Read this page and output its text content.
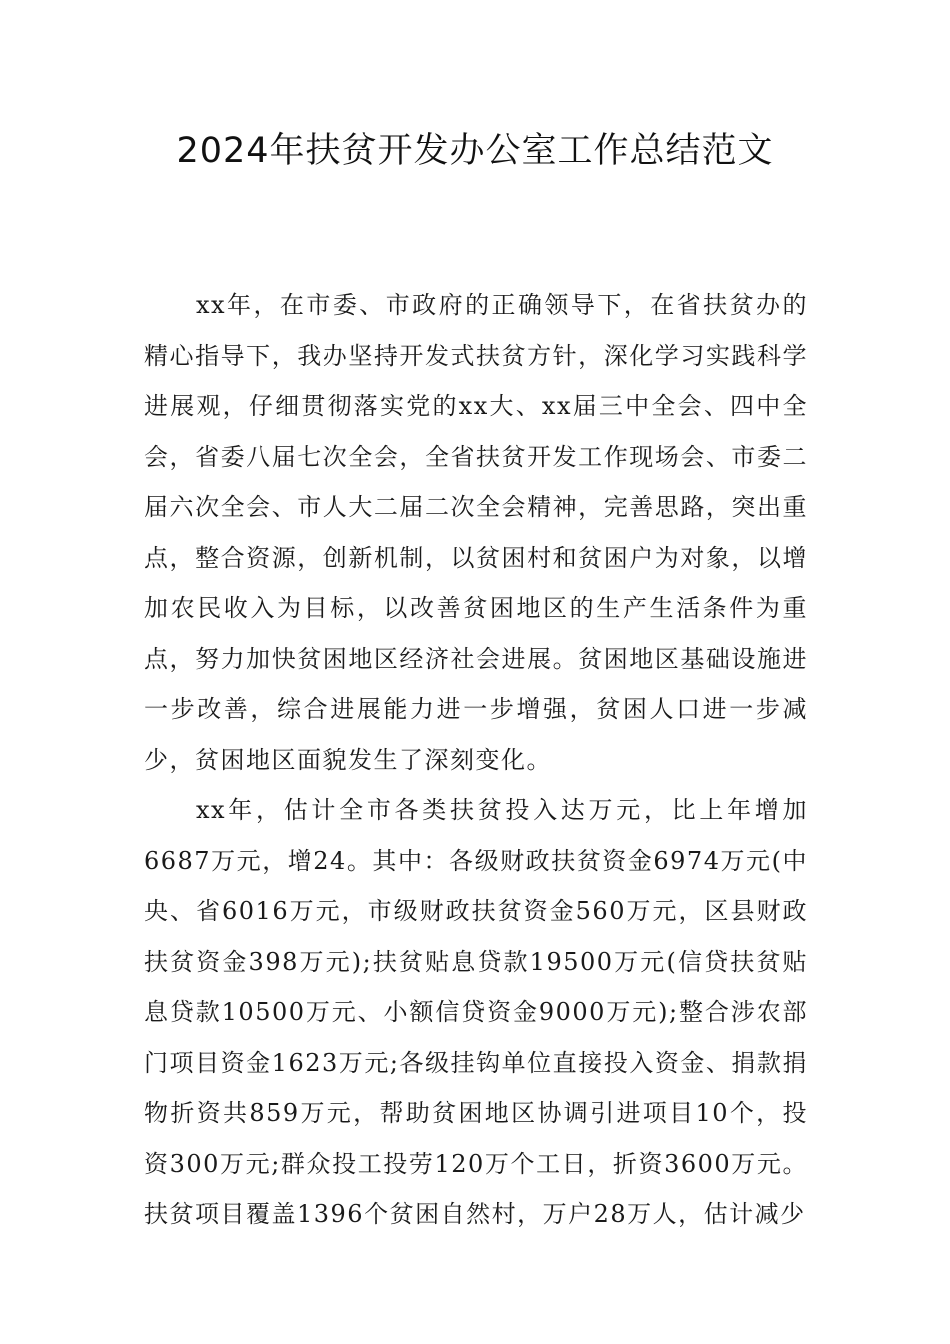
2024年扶贫开发办公室工作总结范文

xx年，在市委、市政府的正确领导下，在省扶贫办的精心指导下，我办坚持开发式扶贫方针，深化学习实践科学进展观，仔细贯彻落实党的xx大、xx届三中全会、四中全会，省委八届七次全会，全省扶贫开发工作现场会、市委二届六次全会、市人大二届二次全会精神，完善思路，突出重点，整合资源，创新机制，以贫困村和贫困户为对象，以增加农民收入为目标，以改善贫困地区的生产生活条件为重点，努力加快贫困地区经济社会进展。贫困地区基础设施进一步改善，综合进展能力进一步增强，贫困人口进一步减少，贫困地区面貌发生了深刻变化。

xx年，估计全市各类扶贫投入达万元，比上年增加6687万元，增24。其中：各级财政扶贫资金6974万元(中央、省6016万元，市级财政扶贫资金560万元，区县财政扶贫资金398万元);扶贫贴息贷款19500万元(信贷扶贫贴息贷款10500万元、小额信贷资金9000万元);整合涉农部门项目资金1623万元;各级挂钩单位直接投入资金、捐款捐物折资共859万元，帮助贫困地区协调引进项目10个，投资300万元;群众投工投劳120万个工日，折资3600万元。扶贫项目覆盖1396个贫困自然村，万户28万人，估计减少
